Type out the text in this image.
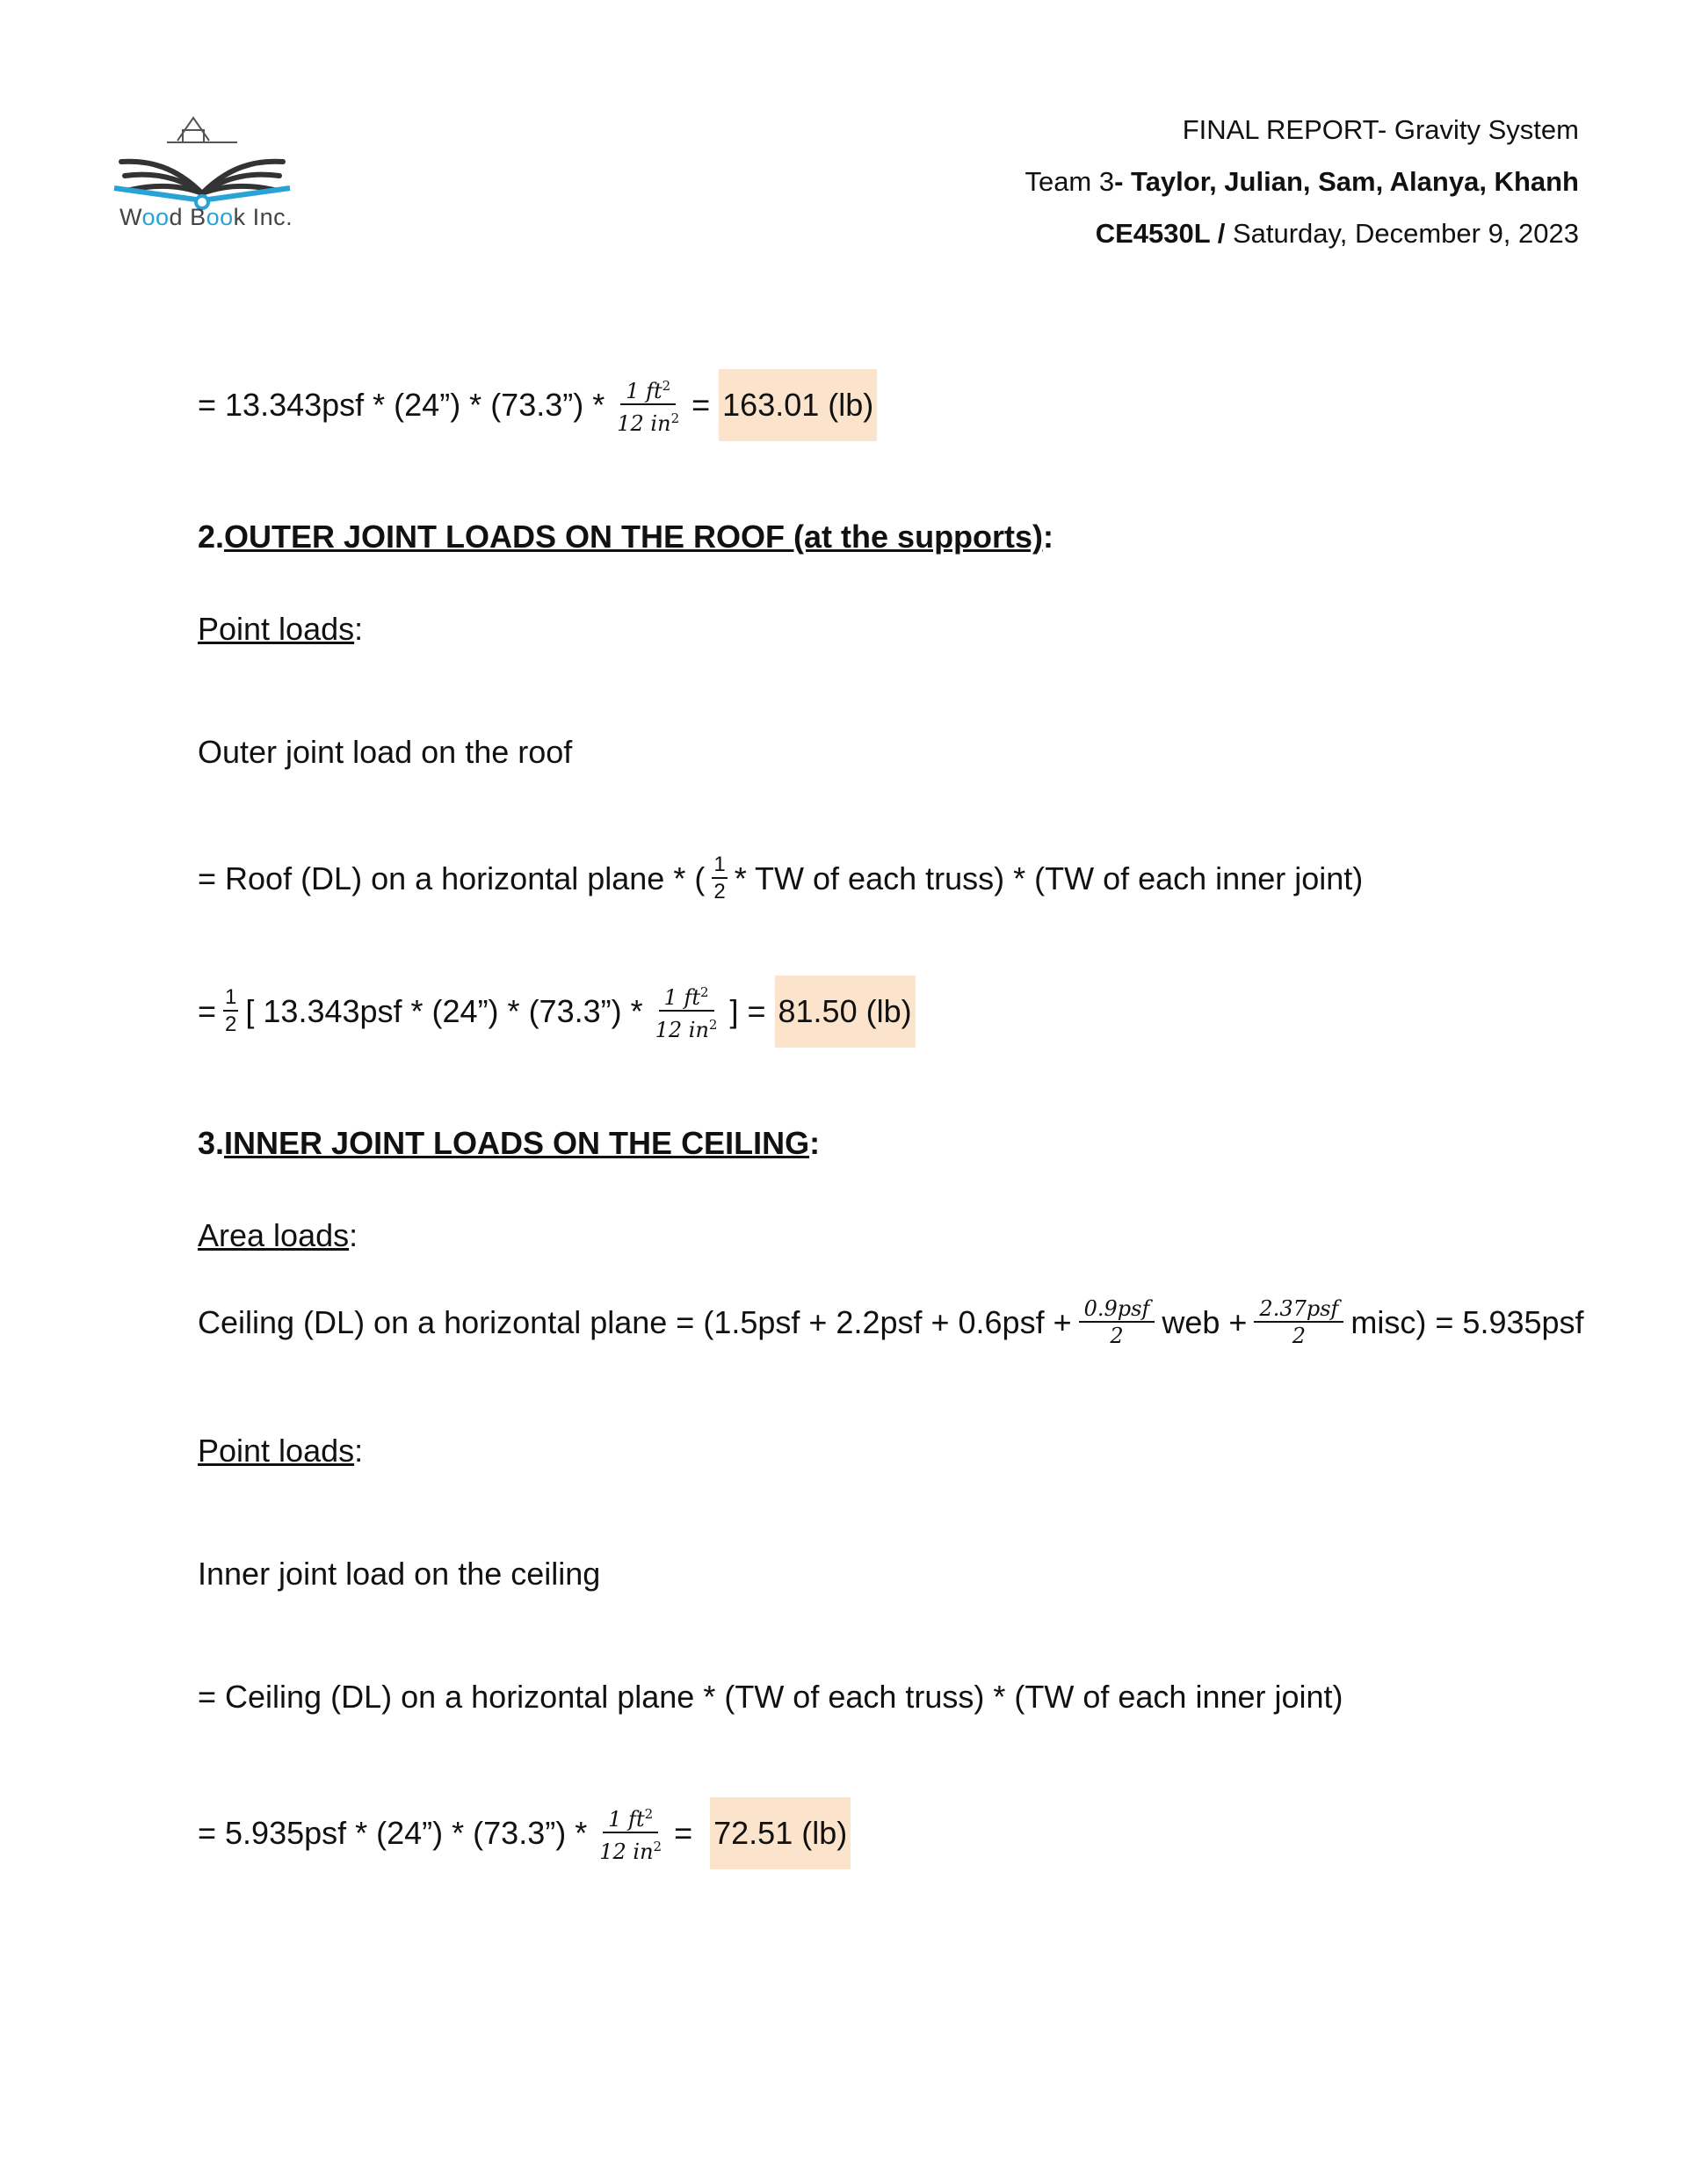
Wood Book Inc.
FINAL REPORT- Gravity System
Team 3- Taylor, Julian, Sam, Alanya, Khanh
CE4530L / Saturday, December 9, 2023
= 13.343psf * (24”) * (73.3”) * $\frac{1 ft^2}{12 in^2}$ =
163.01 (lb)
2. OUTER JOINT LOADS ON THE ROOF (at the supports) :
Point loads :
Outer joint load on the roof
= Roof (DL) on a horizontal plane * ( $\frac{1}{2}$ * TW of each truss) * (TW of each inner joint)
= $\frac{1}{2}$ [ 13.343psf * (24”) * (73.3”) * $\frac{1 ft^2}{12 in^2}$ ] =
81.50 (lb)
3. INNER JOINT LOADS ON THE CEILING :
Area loads :
Ceiling (DL) on a horizontal plane = ($1.5psf + 2.2psf + 0.6psf + \frac{\text{0.9psf}}{2}$ web + $\frac{\text{2.37psf}}{2}$ misc) = 5.935psf
Point loads :
Inner joint load on the ceiling
= Ceiling (DL) on a horizontal plane * (TW of each truss) * (TW of each inner joint)
= 5.935psf * (24”) * (73.3”) * $\frac{1 ft^2}{12 in^2}$ =
72.51 (lb)
